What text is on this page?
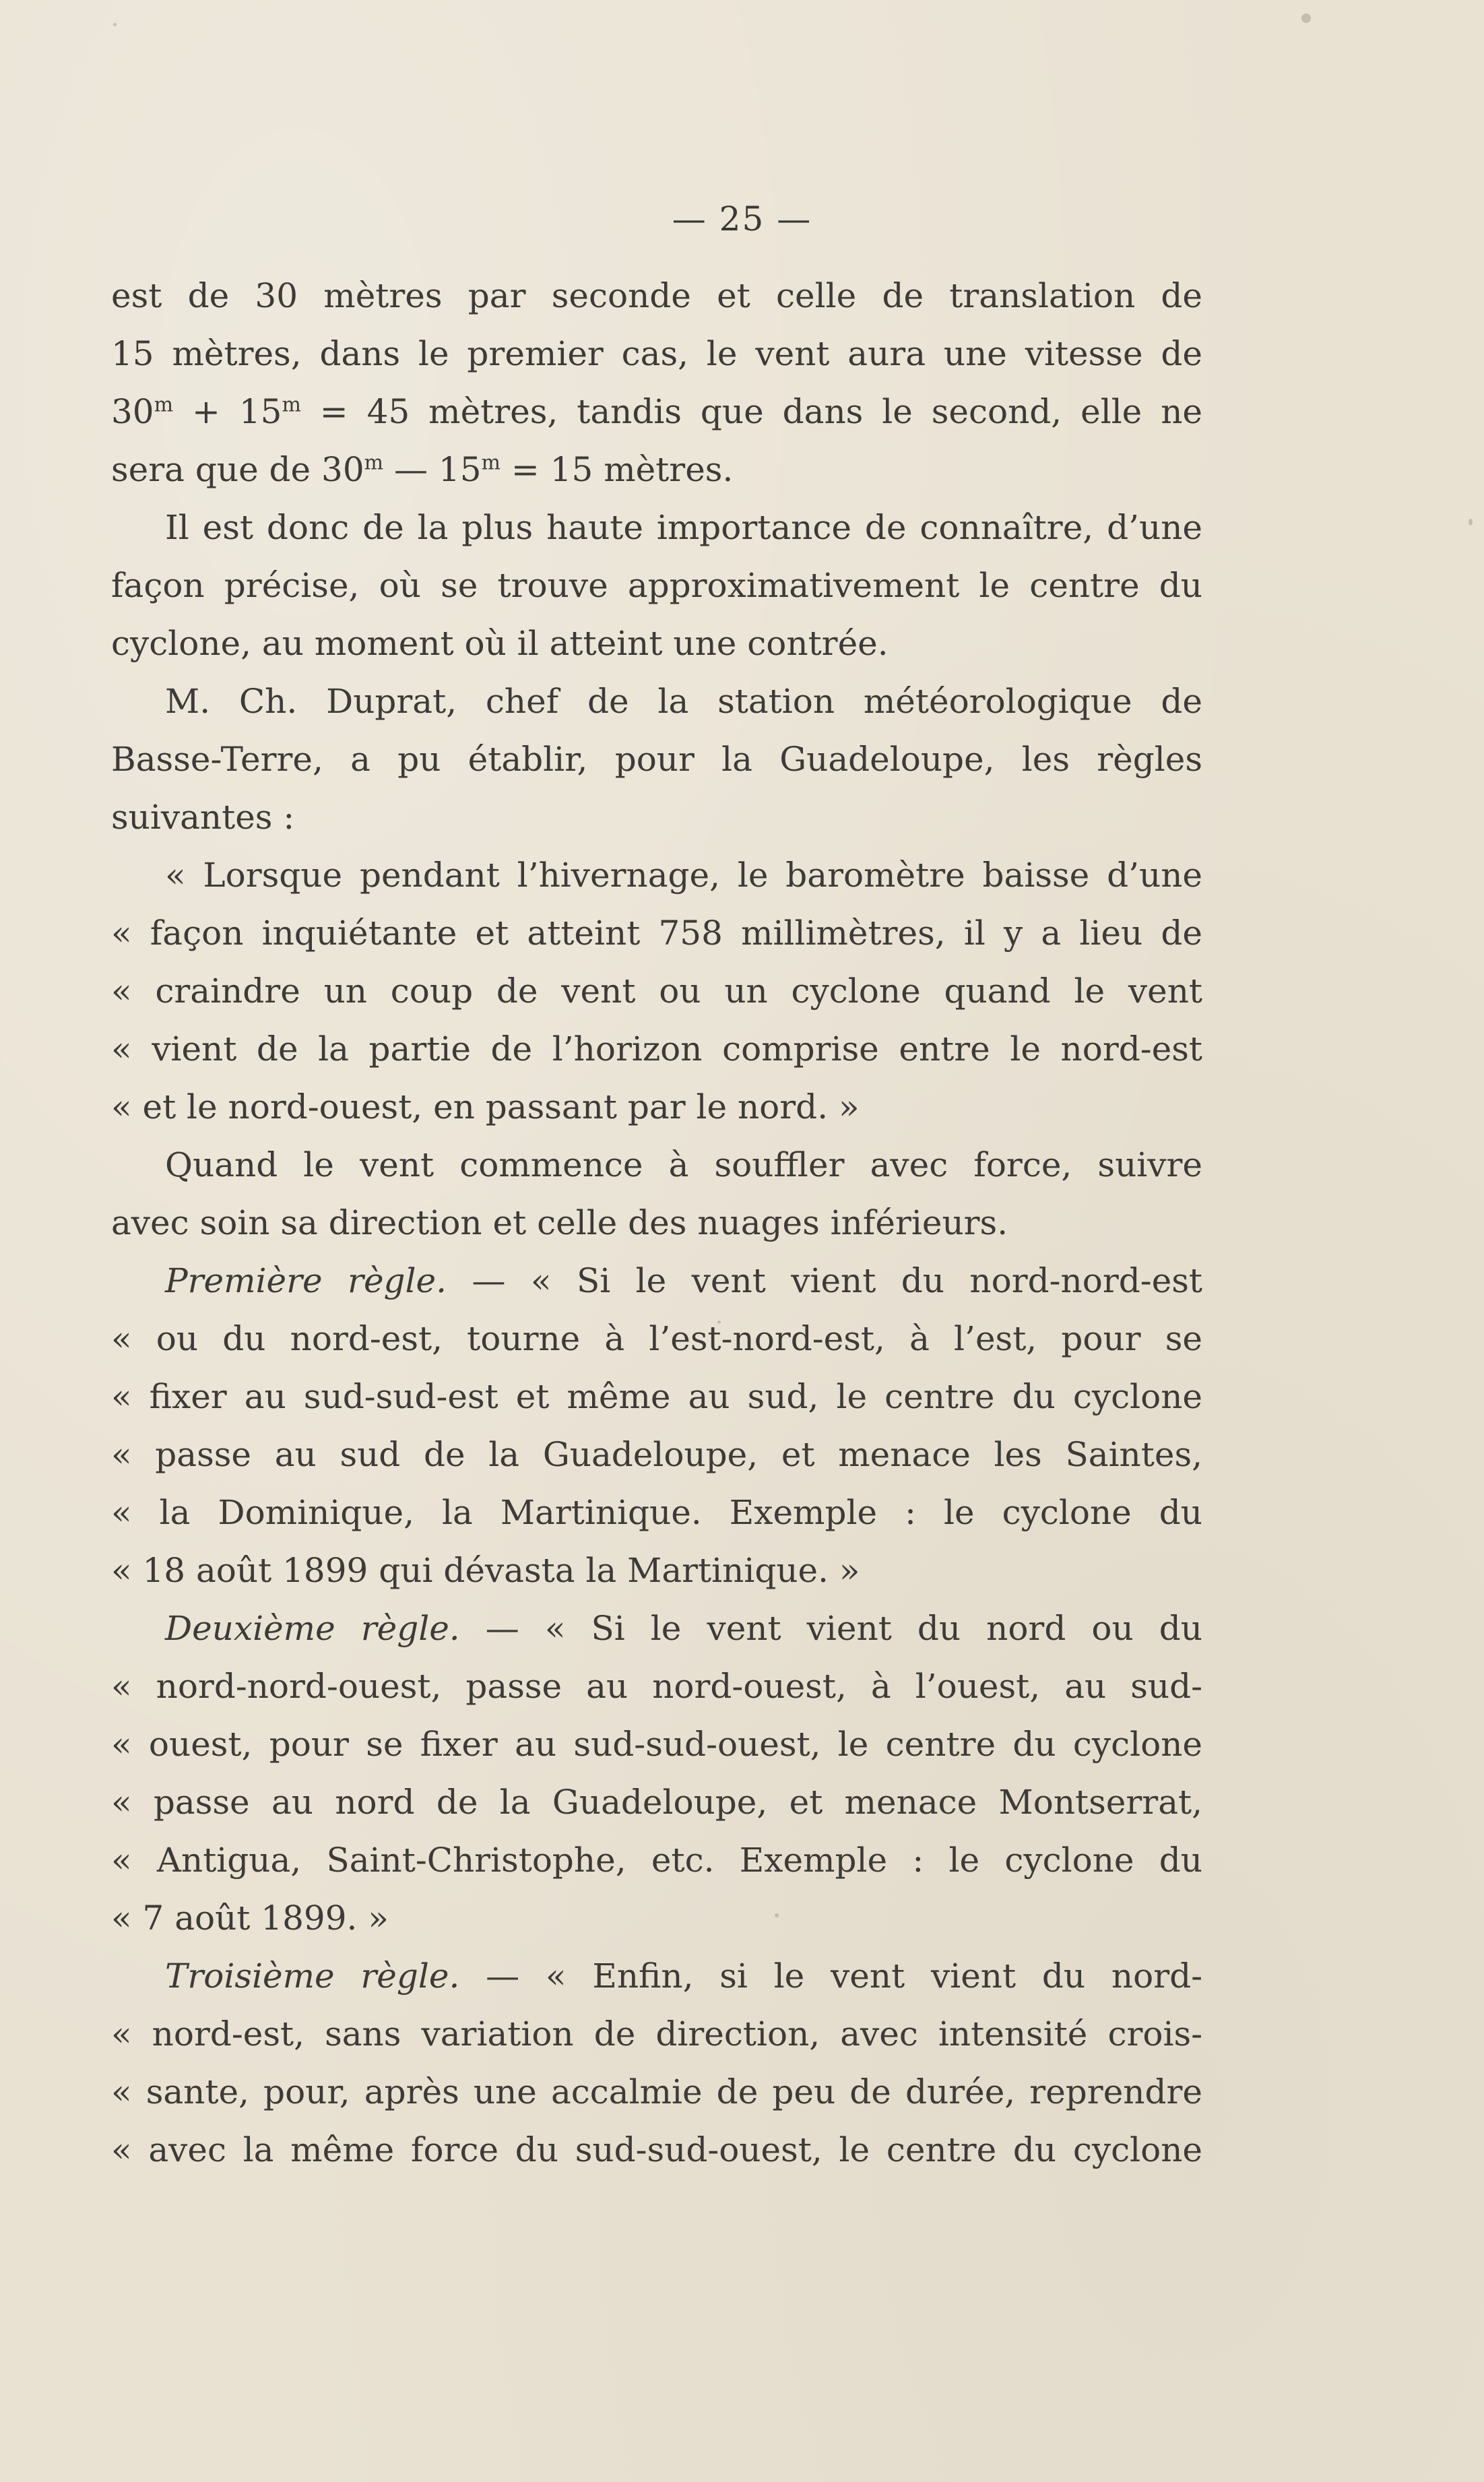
— 25 —
est de 30 mètres par seconde et celle de translation de
15 mètres, dans le premier cas, le vent aura une vitesse de
$30^m + 15^m = 45$ mètres, tandis que dans le second, elle ne
sera que de 30$^m$ — $15^m = 15$ mètres.
Il est donc de la plus haute importance de connaître, d’une
façon précise, où se trouve approximativement le centre du
cyclone, au moment où il atteint une contrée.
M. Ch. Duprat, chef de la station météorologique de
Basse-Terre, a pu établir, pour la Guadeloupe, les règles
suivantes :
« Lorsque pendant l’hivernage, le baromètre baisse d’une
« façon inquiétante et atteint 758 millimètres, il y a lieu de
« craindre un coup de vent ou un cyclone quand le vent
« vient de la partie de l’horizon comprise entre le nord-est
« et le nord-ouest, en passant par le nord. »
Quand le vent commence à souffler avec force, suivre
avec soin sa direction et celle des nuages inférieurs.
Première règle. — « Si le vent vient du nord-nord-est
« ou du nord-est, tourne à l’est-nord-est, à l’est, pour se
« fixer au sud-sud-est et même au sud, le centre du cyclone
« passe au sud de la Guadeloupe, et menace les Saintes,
« la Dominique, la Martinique. Exemple : le cyclone du
« 18 août 1899 qui dévasta la Martinique. »
Deuxième règle. — « Si le vent vient du nord ou du
« nord-nord-ouest, passe au nord-ouest, à l’ouest, au sud-
« ouest, pour se fixer au sud-sud-ouest, le centre du cyclone
« passe au nord de la Guadeloupe, et menace Montserrat,
« Antigua, Saint-Christophe, etc. Exemple : le cyclone du
« 7 août 1899. »
Troisième règle. — « Enfin, si le vent vient du nord-
« nord-est, sans variation de direction, avec intensité crois-
« sante, pour, après une accalmie de peu de durée, reprendre
« avec la même force du sud-sud-ouest, le centre du cyclone
